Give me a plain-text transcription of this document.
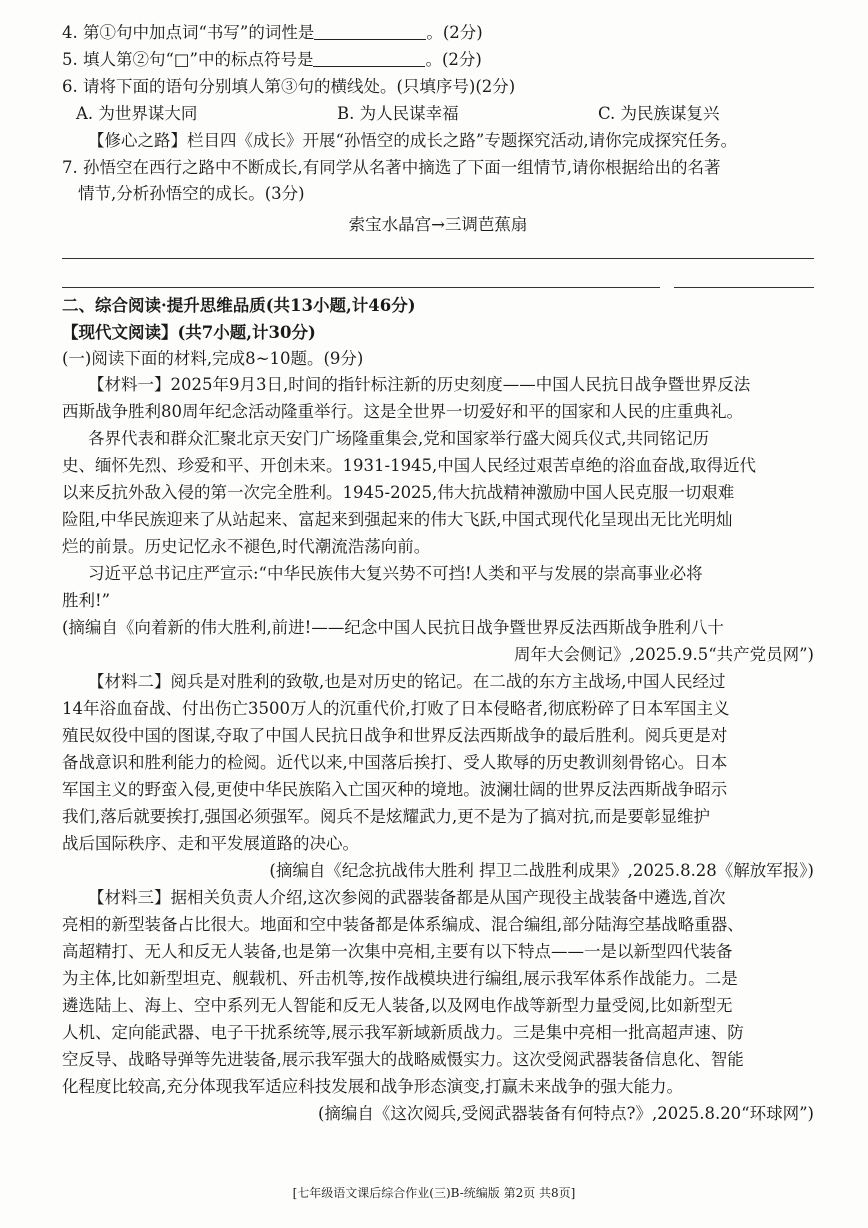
4. 第①句中加点词“书写”的词性是	。(2分)
5. 填人第②句“□”中的标点符号是	。(2分)
6. 请将下面的语句分别填人第③句的横线处。(只填序号)(2分)
A. 为世界谋大同	B. 为人民谋幸福	C. 为民族谋复兴
【修心之路】栏目四《成长》开展“孙悟空的成长之路”专题探究活动,请你完成探究任务。
7. 孙悟空在西行之路中不断成长,有同学从名著中摘选了下面一组情节,请你根据给出的名著
情节,分析孙悟空的成长。(3分)
索宝水晶宫→三调芭蕉扇
二、综合阅读·提升思维品质(共13小题,计46分)
【现代文阅读】(共7小题,计30分)
(一)阅读下面的材料,完成8~10题。(9分)
【材料一】2025年9月3日,时间的指针标注新的历史刻度——中国人民抗日战争暨世界反法
西斯战争胜利80周年纪念活动隆重举行。这是全世界一切爱好和平的国家和人民的庄重典礼。
各界代表和群众汇聚北京天安门广场隆重集会,党和国家举行盛大阅兵仪式,共同铭记历
史、缅怀先烈、珍爱和平、开创未来。1931-1945,中国人民经过艰苦卓绝的浴血奋战,取得近代
以来反抗外敌入侵的第一次完全胜利。1945-2025,伟大抗战精神激励中国人民克服一切艰难
险阻,中华民族迎来了从站起来、富起来到强起来的伟大飞跃,中国式现代化呈现出无比光明灿
烂的前景。历史记忆永不褪色,时代潮流浩荡向前。
习近平总书记庄严宣示:“中华民族伟大复兴势不可挡!人类和平与发展的崇高事业必将
胜利!”
(摘编自《向着新的伟大胜利,前进!——纪念中国人民抗日战争暨世界反法西斯战争胜利八十
周年大会侧记》,2025.9.5“共产党员网”)
【材料二】阅兵是对胜利的致敬,也是对历史的铭记。在二战的东方主战场,中国人民经过
14年浴血奋战、付出伤亡3500万人的沉重代价,打败了日本侵略者,彻底粉碎了日本军国主义
殖民奴役中国的图谋,夺取了中国人民抗日战争和世界反法西斯战争的最后胜利。阅兵更是对
备战意识和胜利能力的检阅。近代以来,中国落后挨打、受人欺辱的历史教训刻骨铭心。日本
军国主义的野蛮入侵,更使中华民族陷入亡国灭种的境地。波澜壮阔的世界反法西斯战争昭示
我们,落后就要挨打,强国必须强军。阅兵不是炫耀武力,更不是为了搞对抗,而是要彰显维护
战后国际秩序、走和平发展道路的决心。
(摘编自《纪念抗战伟大胜利 捍卫二战胜利成果》,2025.8.28《解放军报》)
【材料三】据相关负责人介绍,这次参阅的武器装备都是从国产现役主战装备中遴选,首次
亮相的新型装备占比很大。地面和空中装备都是体系编成、混合编组,部分陆海空基战略重器、
高超精打、无人和反无人装备,也是第一次集中亮相,主要有以下特点——一是以新型四代装备
为主体,比如新型坦克、舰载机、歼击机等,按作战模块进行编组,展示我军体系作战能力。二是
遴选陆上、海上、空中系列无人智能和反无人装备,以及网电作战等新型力量受阅,比如新型无
人机、定向能武器、电子干扰系统等,展示我军新域新质战力。三是集中亮相一批高超声速、防
空反导、战略导弹等先进装备,展示我军强大的战略威慑实力。这次受阅武器装备信息化、智能
化程度比较高,充分体现我军适应科技发展和战争形态演变,打赢未来战争的强大能力。
(摘编自《这次阅兵,受阅武器装备有何特点?》,2025.8.20“环球网”)
[七年级语文课后综合作业(三)B-统编版 第2页 共8页]
